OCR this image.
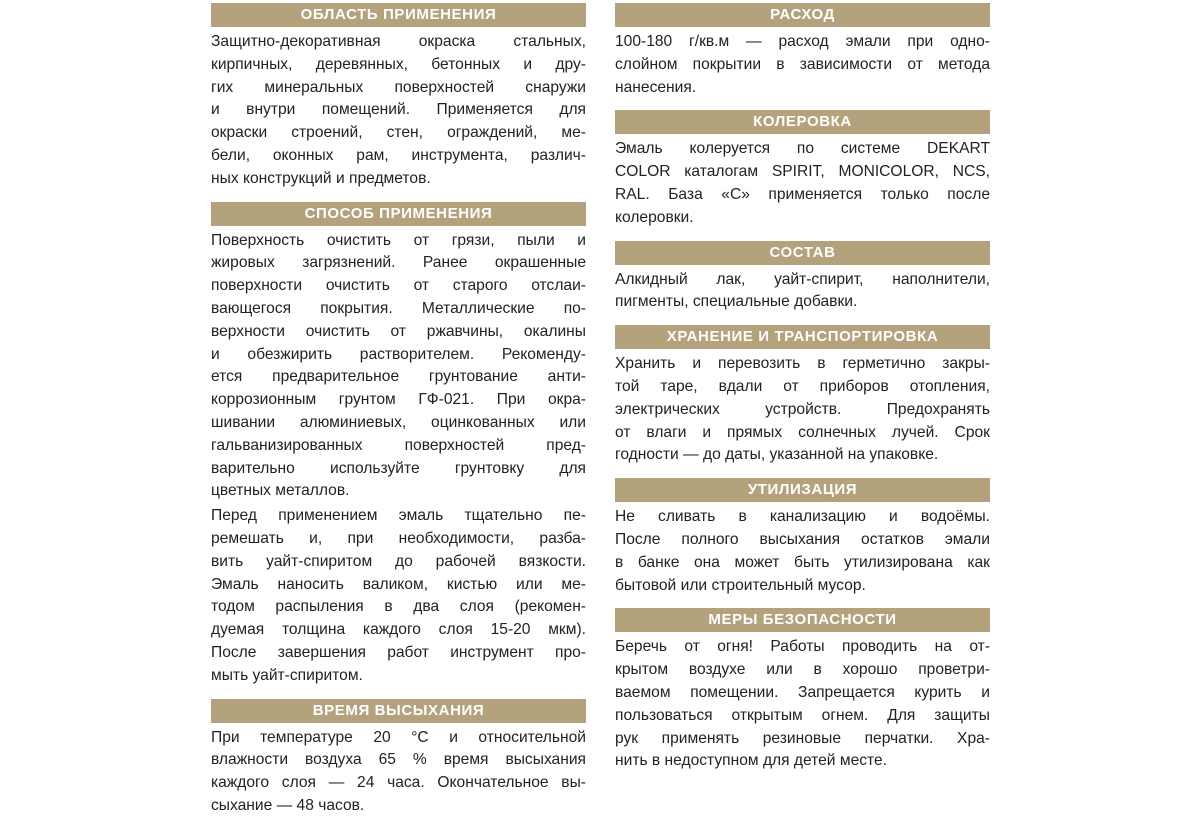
ОБЛАСТЬ ПРИМЕНЕНИЯ
Защитно-декоративная окраска стальных,
кирпичных, деревянных, бетонных и дру-
гих минеральных поверхностей снаружи
и внутри помещений. Применяется для
окраски строений, стен, ограждений, ме-
бели, оконных рам, инструмента, различ-
ных конструкций и предметов.
СПОСОБ ПРИМЕНЕНИЯ
Поверхность очистить от грязи, пыли и
жировых загрязнений. Ранее окрашенные
поверхности очистить от старого отслаи-
вающегося покрытия. Металлические по-
верхности очистить от ржавчины, окалины
и обезжирить растворителем. Рекоменду-
ется предварительное грунтование анти-
коррозионным грунтом ГФ-021. При окра-
шивании алюминиевых, оцинкованных или
гальванизированных поверхностей пред-
варительно используйте грунтовку для
цветных металлов.
Перед применением эмаль тщательно пе-
ремешать и, при необходимости, разба-
вить уайт-спиритом до рабочей вязкости.
Эмаль наносить валиком, кистью или ме-
тодом распыления в два слоя (рекомен-
дуемая толщина каждого слоя 15-20 мкм).
После завершения работ инструмент про-
мыть уайт-спиритом.
ВРЕМЯ ВЫСЫХАНИЯ
При температуре 20 °C и относительной
влажности воздуха 65 % время высыхания
каждого слоя — 24 часа. Окончательное вы-
сыхание — 48 часов.
РАСХОД
100-180 г/кв.м — расход эмали при одно-
слойном покрытии в зависимости от метода
нанесения.
КОЛЕРОВКА
Эмаль колеруется по системе DEKART
COLOR каталогам SPIRIT, MONICOLOR, NCS,
RAL. База «С» применяется только после
колеровки.
СОСТАВ
Алкидный лак, уайт-спирит, наполнители,
пигменты, специальные добавки.
ХРАНЕНИЕ И ТРАНСПОРТИРОВКА
Хранить и перевозить в герметично закры-
той таре, вдали от приборов отопления,
электрических устройств. Предохранять
от влаги и прямых солнечных лучей. Срок
годности — до даты, указанной на упаковке.
УТИЛИЗАЦИЯ
Не сливать в канализацию и водоёмы.
После полного высыхания остатков эмали
в банке она может быть утилизирована как
бытовой или строительный мусор.
МЕРЫ БЕЗОПАСНОСТИ
Беречь от огня! Работы проводить на от-
крытом воздухе или в хорошо проветри-
ваемом помещении. Запрещается курить и
пользоваться открытым огнем. Для защиты
рук применять резиновые перчатки. Хра-
нить в недоступном для детей месте.
